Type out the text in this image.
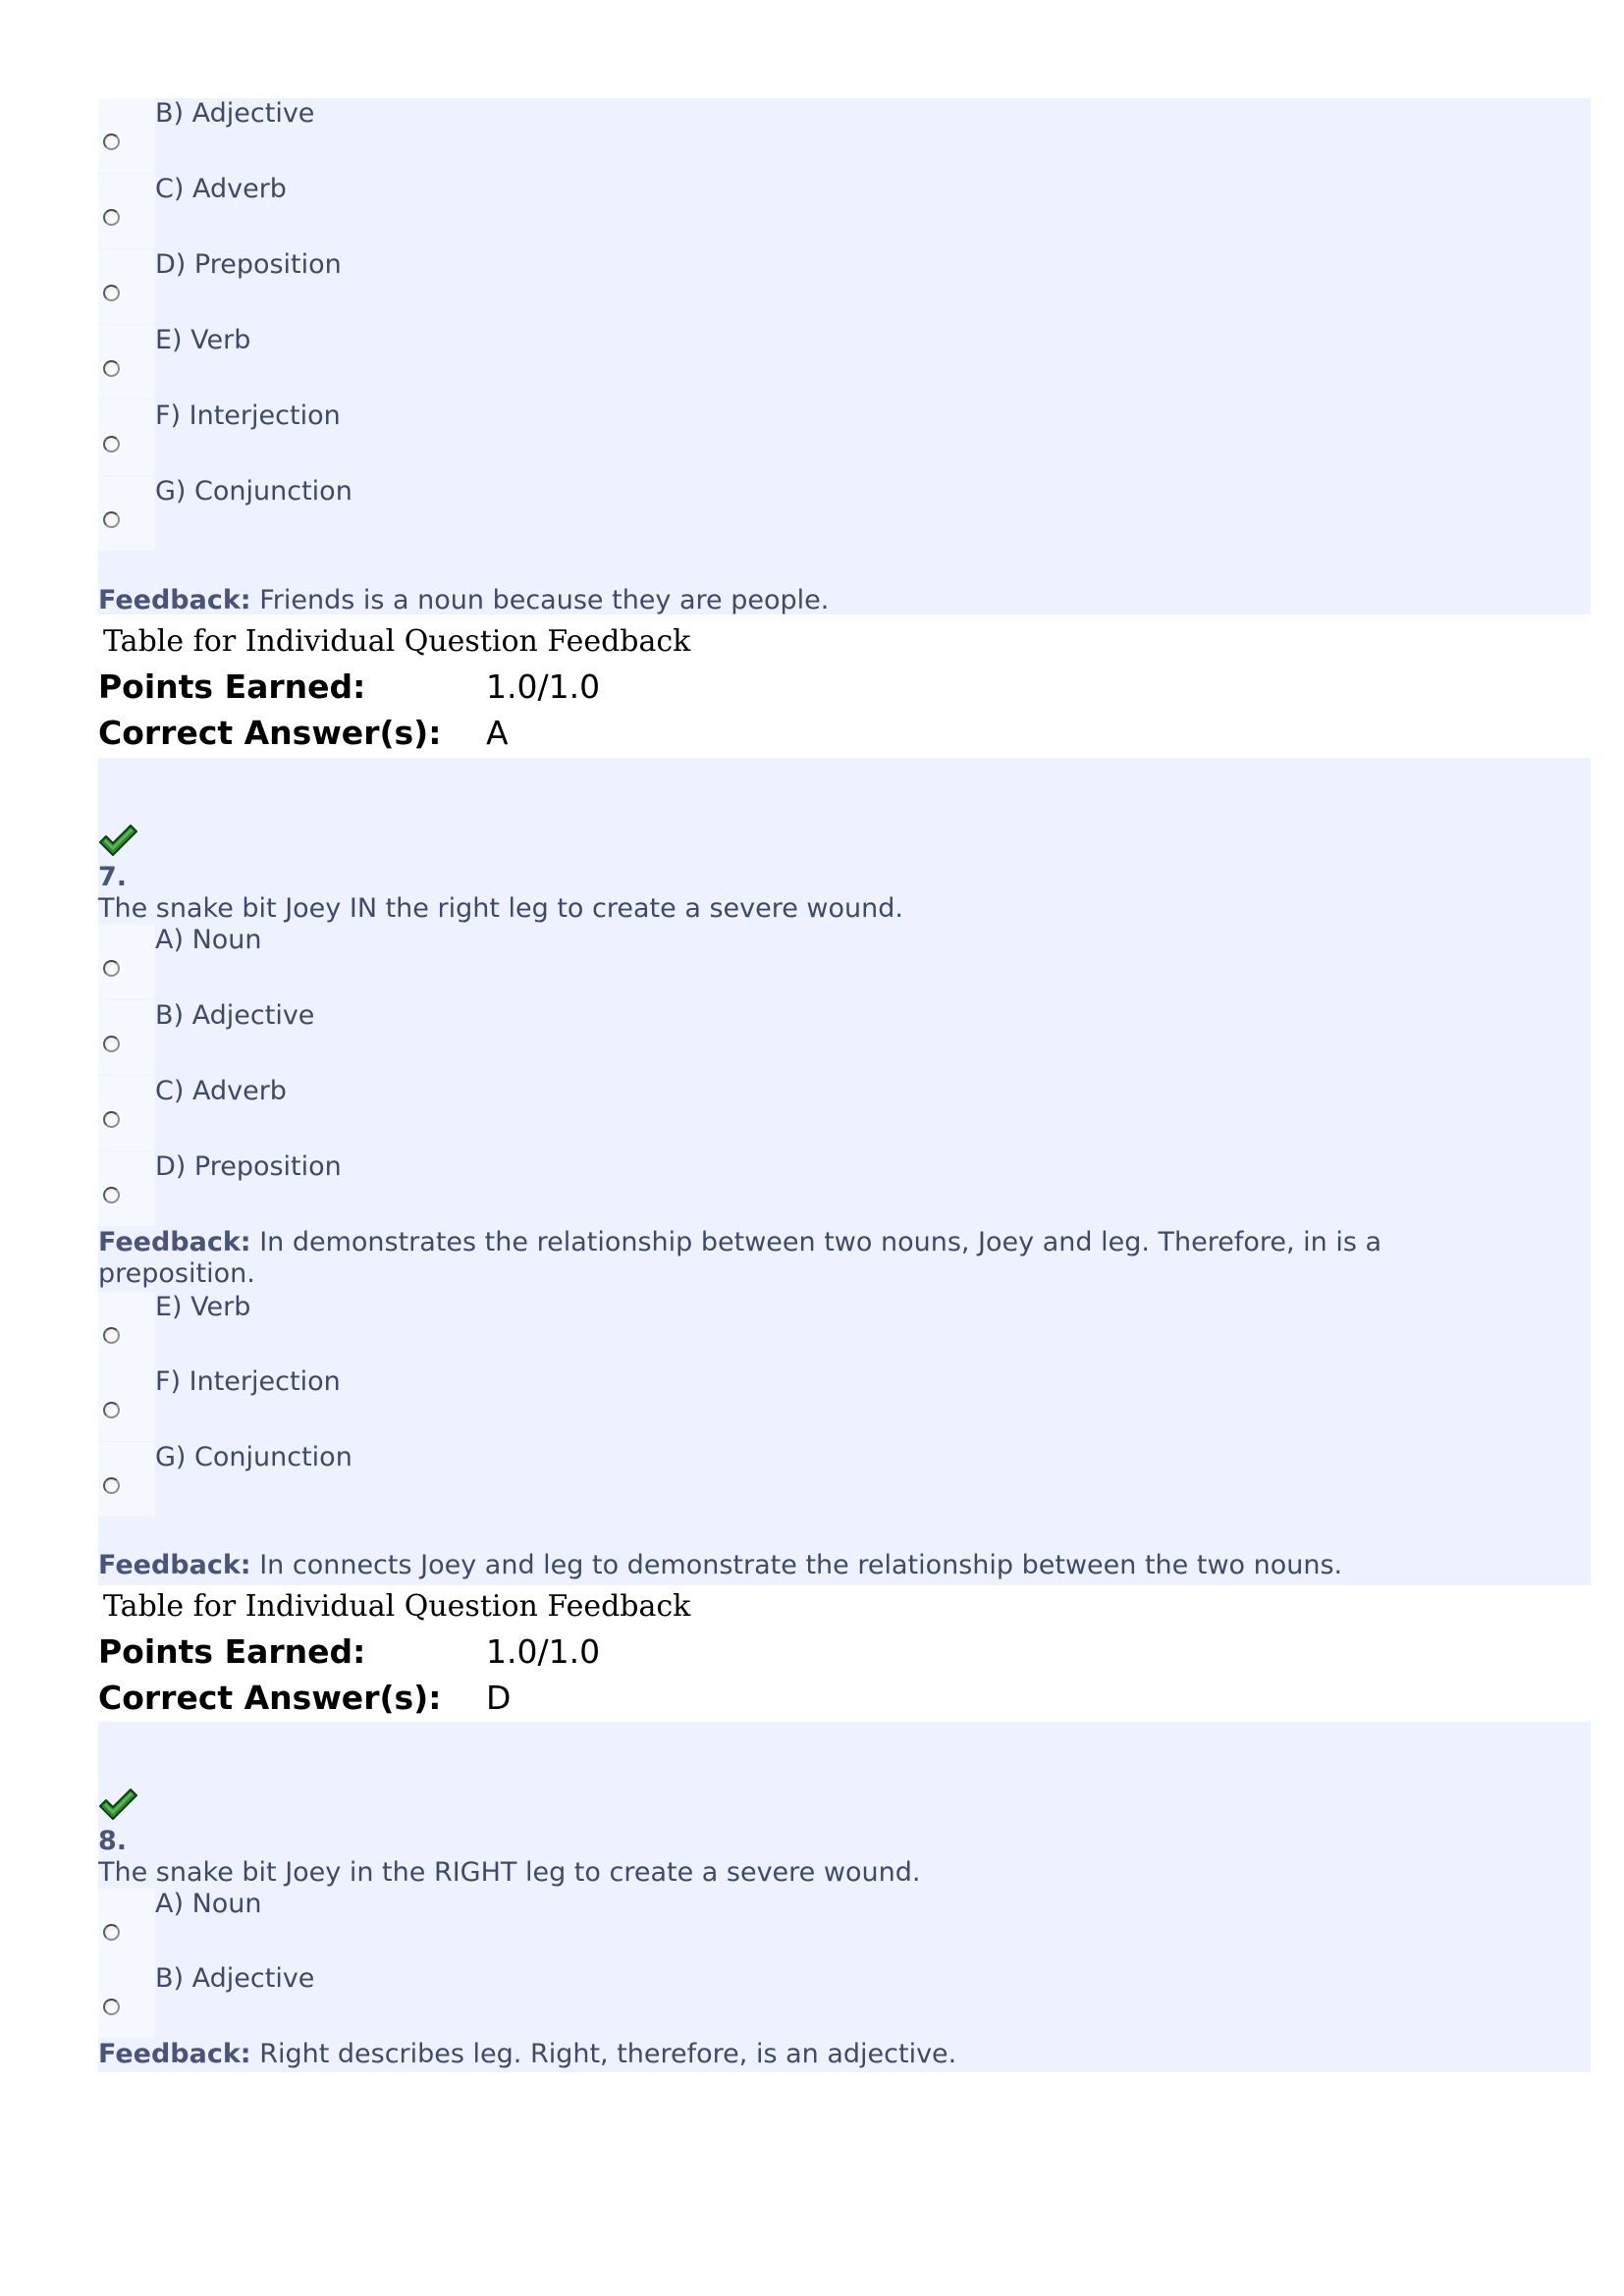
B) Adjective
C) Adverb
D) Preposition
E) Verb
F) Interjection
G) Conjunction
Feedback: Friends is a noun because they are people.
Table for Individual Question Feedback
Points Earned:	1.0/1.0
Correct Answer(s): A
7.
The snake bit Joey IN the right leg to create a severe wound.
A) Noun
B) Adjective
C) Adverb
D) Preposition
Feedback: In demonstrates the relationship between two nouns, Joey and leg. Therefore, in is a preposition.
E) Verb
F) Interjection
G) Conjunction
Feedback: In connects Joey and leg to demonstrate the relationship between the two nouns.
Table for Individual Question Feedback
Points Earned:	1.0/1.0
Correct Answer(s): D
8.
The snake bit Joey in the RIGHT leg to create a severe wound.
A) Noun
B) Adjective
Feedback: Right describes leg. Right, therefore, is an adjective.
